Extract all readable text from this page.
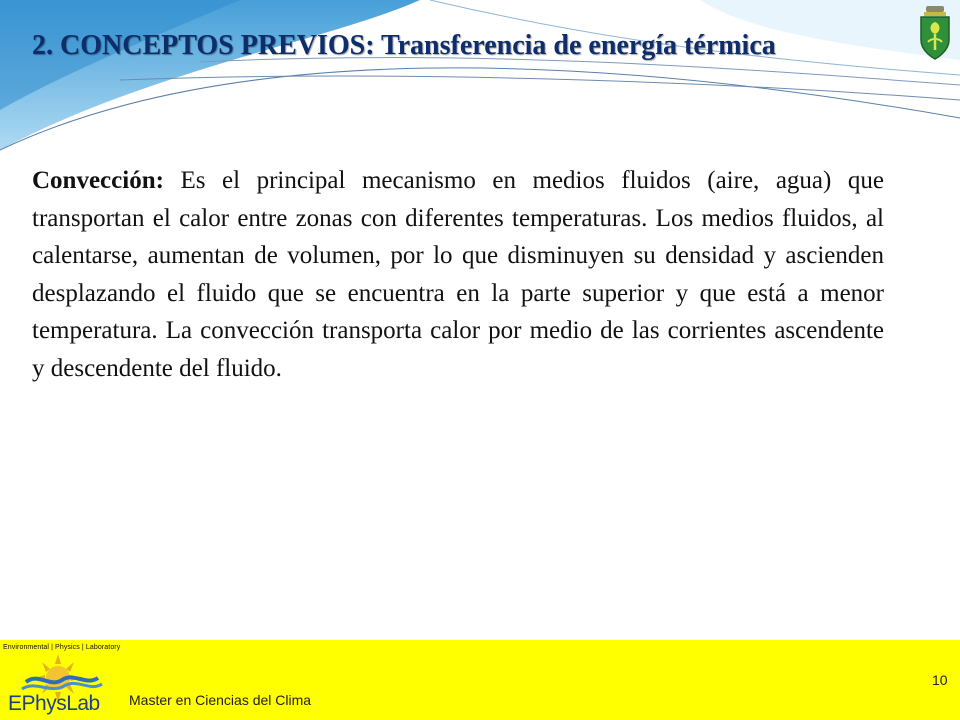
2. CONCEPTOS PREVIOS: Transferencia de energía térmica

Convección: Es el principal mecanismo en medios fluidos (aire, agua) que transportan el calor entre zonas con diferentes temperaturas. Los medios fluidos, al calentarse, aumentan de volumen, por lo que disminuyen su densidad y ascienden desplazando el fluido que se encuentra en la parte superior y que está a menor temperatura. La convección transporta calor por medio de las corrientes ascendente y descendente del fluido.

Environmental | Physics | Laboratory
EPhysLab Master en Ciencias del Clima
10
